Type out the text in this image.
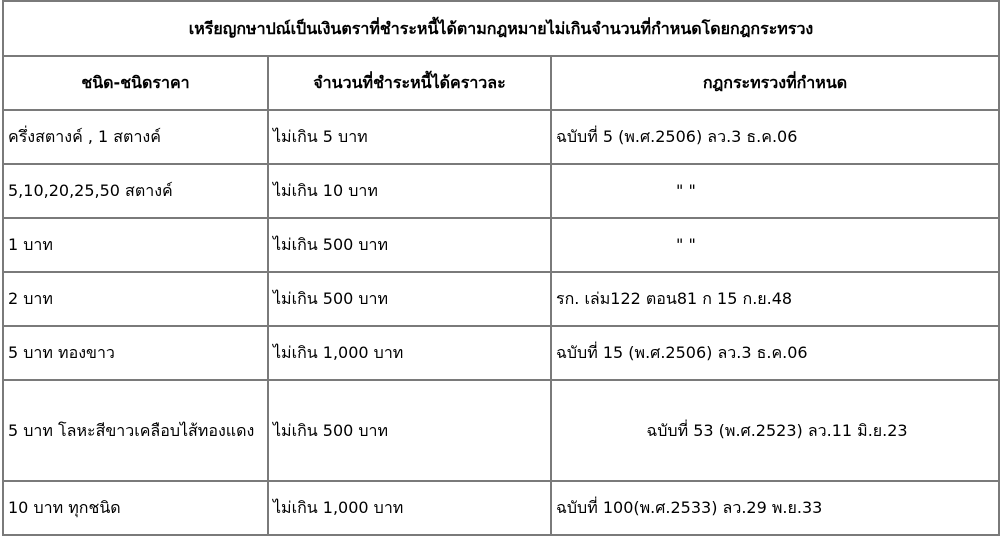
เหรียญกษาปณ์เป็นเงินตราที่ชำระหนี้ได้ตามกฎหมายไม่เกินจำนวนที่กำหนดโดยกฎกระทรวง		
ชนิด-ชนิดราคา	จำนวนที่ชำระหนี้ได้คราวละ	กฎกระทรวงที่กำหนด
ครึ่งสตางค์ , 1 สตางค์	ไม่เกิน 5 บาท	ฉบับที่ 5 (พ.ศ.2506) ลว.3 ธ.ค.06
5,10,20,25,50 สตางค์	ไม่เกิน 10 บาท	" "
1 บาท	ไม่เกิน 500 บาท	" "
2 บาท	ไม่เกิน 500 บาท	รก. เล่ม122 ตอน81 ก 15 ก.ย.48
5 บาท ทองขาว	ไม่เกิน 1,000 บาท	ฉบับที่ 15 (พ.ศ.2506) ลว.3 ธ.ค.06
5 บาท โลหะสีขาวเคลือบไส้ทองแดง	ไม่เกิน 500 บาท	ฉบับที่ 53 (พ.ศ.2523) ลว.11 มิ.ย.23
10 บาท ทุกชนิด	ไม่เกิน 1,000 บาท	ฉบับที่ 100(พ.ศ.2533) ลว.29 พ.ย.33
